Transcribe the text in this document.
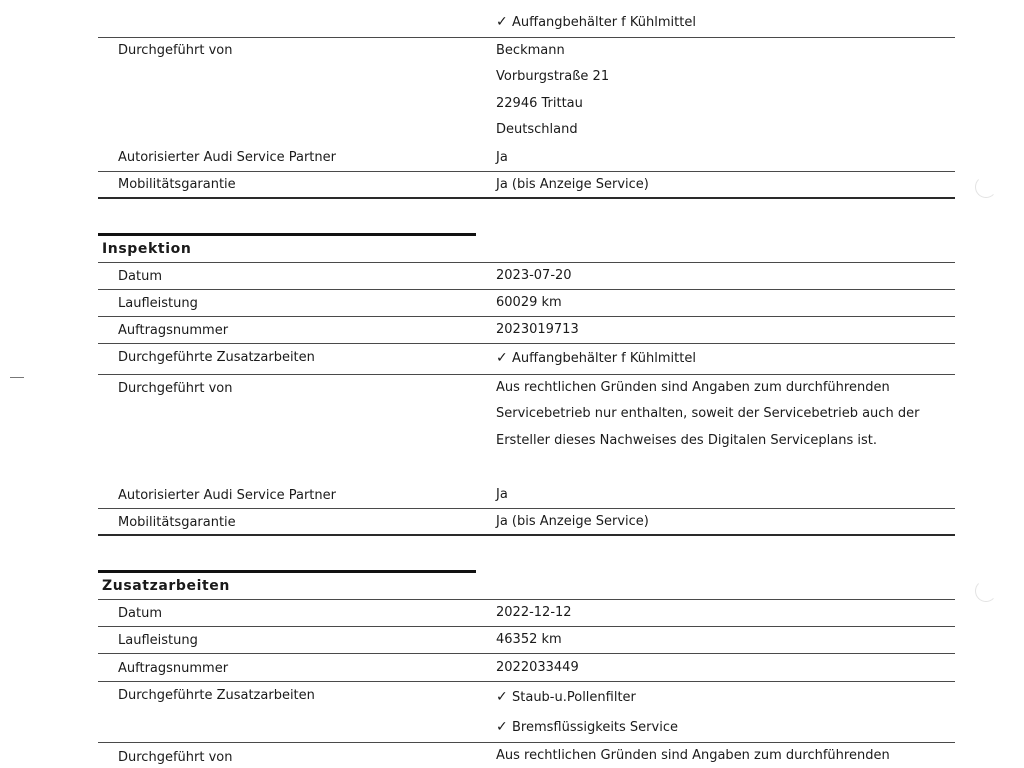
✓ Auffangbehälter f Kühlmittel
Durchgeführt von	Beckmann
Vorburgstraße 21
22946 Trittau
Deutschland
Autorisierter Audi Service Partner	Ja
Mobilitätsgarantie	Ja (bis Anzeige Service)
Inspektion
Datum	2023-07-20
Laufleistung	60029 km
Auftragsnummer	2023019713
Durchgeführte Zusatzarbeiten	✓ Auffangbehälter f Kühlmittel
Durchgeführt von	Aus rechtlichen Gründen sind Angaben zum durchführenden
Servicebetrieb nur enthalten, soweit der Servicebetrieb auch der
Ersteller dieses Nachweises des Digitalen Serviceplans ist.
Autorisierter Audi Service Partner	Ja
Mobilitätsgarantie	Ja (bis Anzeige Service)
Zusatzarbeiten
Datum	2022-12-12
Laufleistung	46352 km
Auftragsnummer	2022033449
Durchgeführte Zusatzarbeiten	✓ Staub-u.Pollenfilter
✓ Bremsflüssigkeits Service
Durchgeführt von	Aus rechtlichen Gründen sind Angaben zum durchführenden
